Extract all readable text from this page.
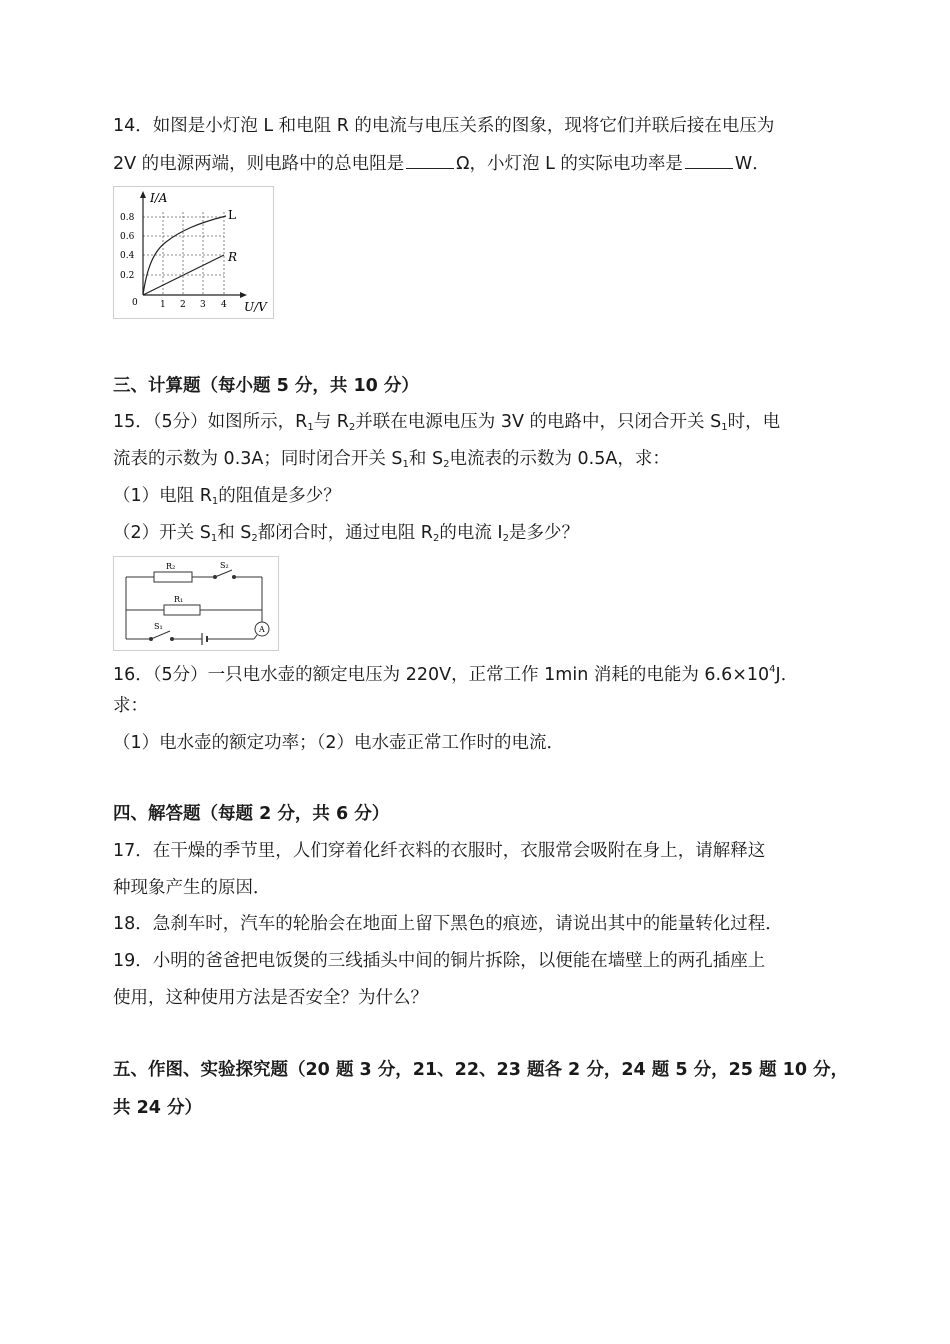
14．如图是小灯泡 L 和电阻 R 的电流与电压关系的图象，现将它们并联后接在电压为
2V 的电源两端，则电路中的总电阻是	Ω，小灯泡 L 的实际电功率是	W．
I/A
U/V
0.8
0.6
0.4
0.2
0 1 2 3 4
L
R
三、计算题（每小题 5 分，共 10 分）
15．（5分）如图所示，$R_1$与 $R_2$并联在电源电压为 3V 的电路中，只闭合开关 $S_1$时，电
流表的示数为 0.3A；同时闭合开关 $S_1$和 $S_2$电流表的示数为 0.5A，求：
（1）电阻 $R_1$的阻值是多少？
（2）开关 $S_1$和 $S_2$都闭合时，通过电阻 $R_2$的电流 $I_2$是多少？
R₂	S₂
R₁
S₁	A
16．（5分）一只电水壶的额定电压为 220V，正常工作 1min 消耗的电能为 $6.6\times 10^4J$．
求：
（1）电水壶的额定功率；（2）电水壶正常工作时的电流．
四、解答题（每题 2 分，共 6 分）
17．在干燥的季节里，人们穿着化纤衣料的衣服时，衣服常会吸附在身上，请解释这
种现象产生的原因．
18．急刹车时，汽车的轮胎会在地面上留下黑色的痕迹，请说出其中的能量转化过程．
19．小明的爸爸把电饭煲的三线插头中间的铜片拆除，以便能在墙壁上的两孔插座上
使用，这种使用方法是否安全？为什么？
五、作图、实验探究题（20 题 3 分，21、22、23 题各 2 分，24 题 5 分，25 题 10 分，
共 24 分）
